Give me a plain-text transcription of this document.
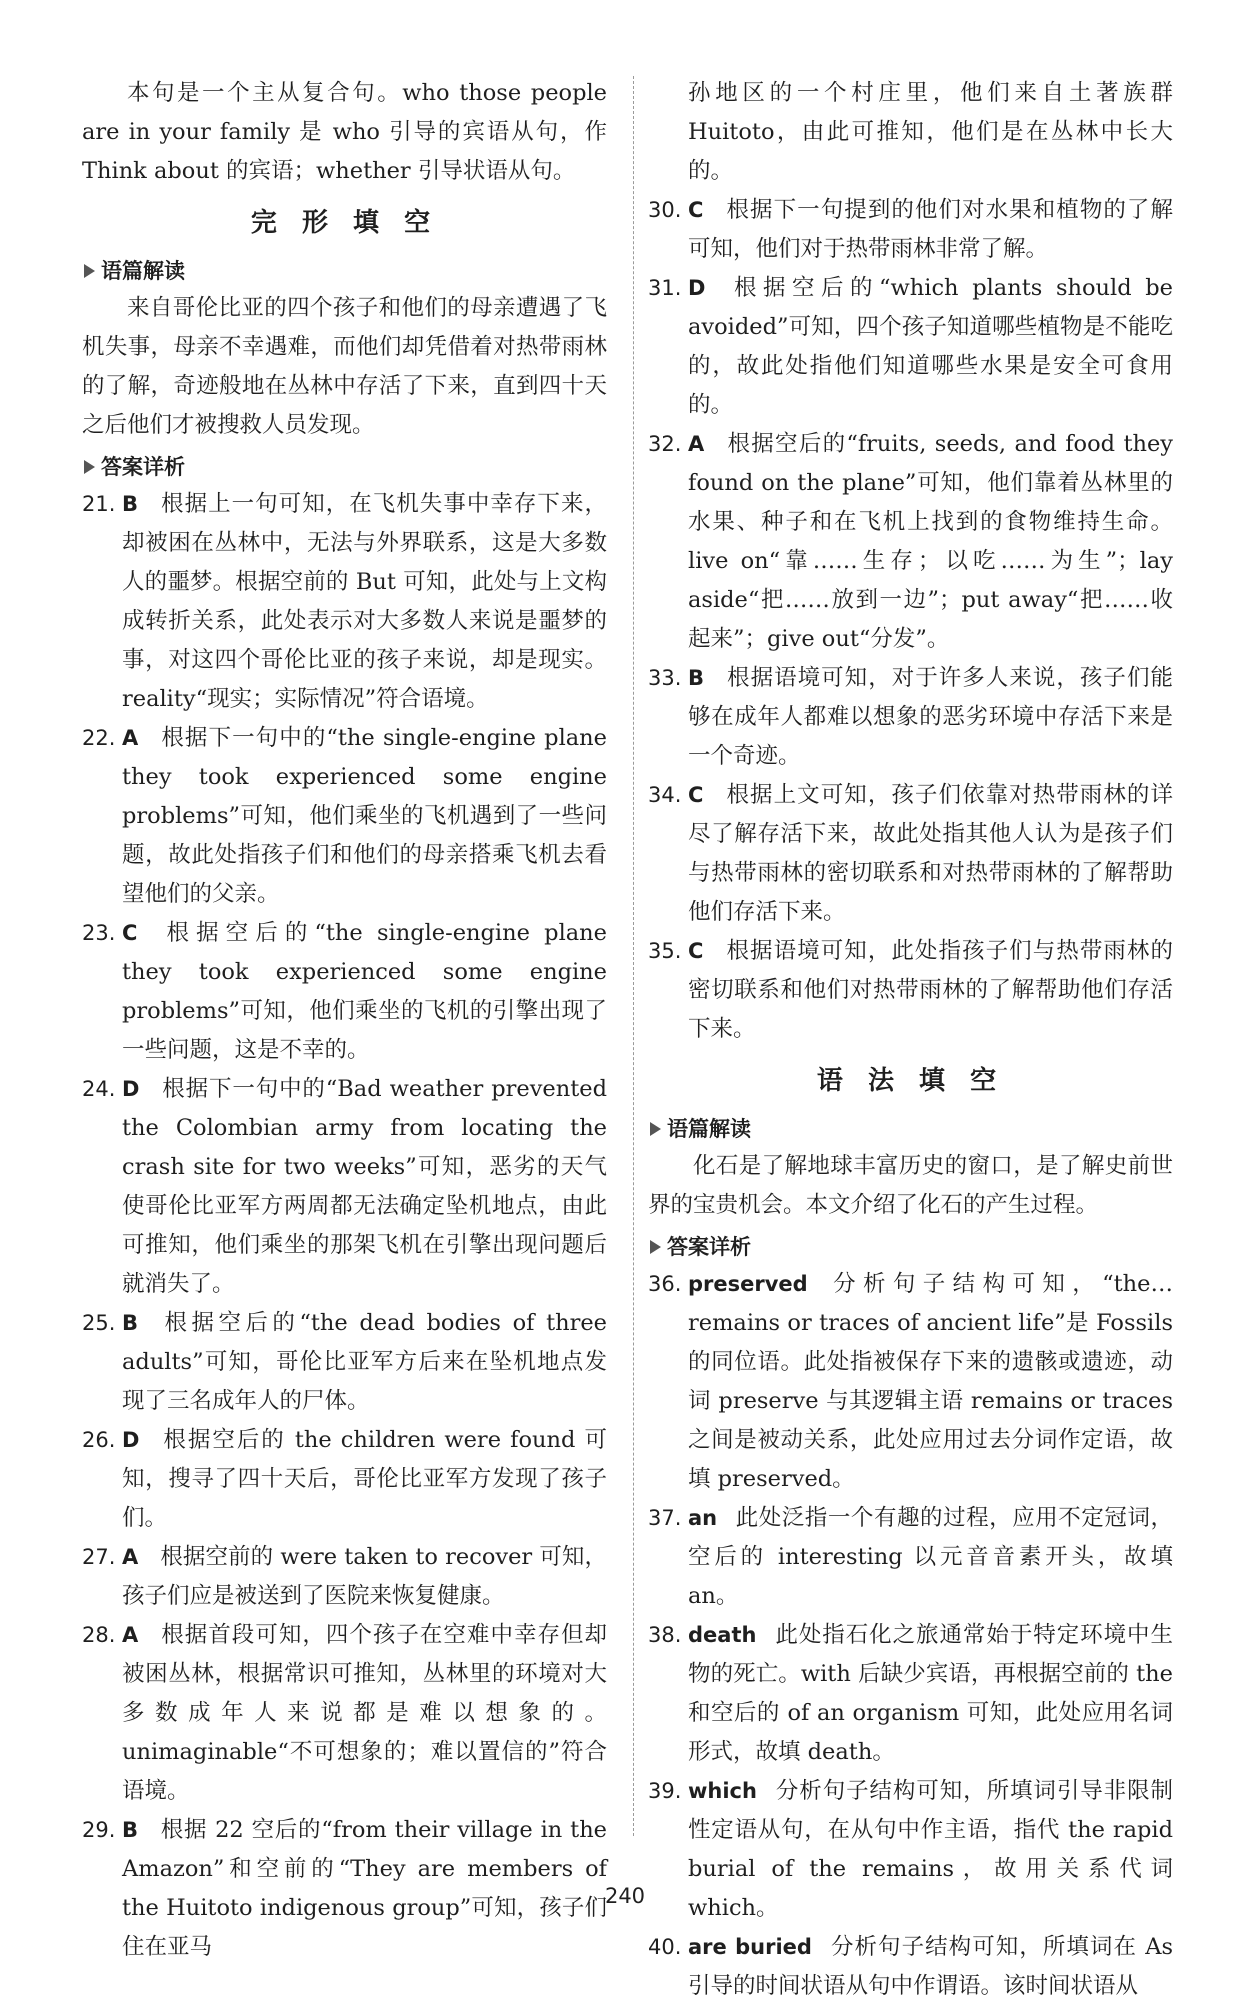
本句是一个主从复合句。who those people are in your family 是 who 引导的宾语从句，作 Think about 的宾语；whether 引导状语从句。

完 形 填 空
语篇解读

来自哥伦比亚的四个孩子和他们的母亲遭遇了飞机失事，母亲不幸遇难，而他们却凭借着对热带雨林的了解，奇迹般地在丛林中存活了下来，直到四十天之后他们才被搜救人员发现。

答案详析
21. B 根据上一句可知，在飞机失事中幸存下来，却被困在丛林中，无法与外界联系，这是大多数人的噩梦。根据空前的 But 可知，此处与上文构成转折关系，此处表示对大多数人来说是噩梦的事，对这四个哥伦比亚的孩子来说，却是现实。reality“现实；实际情况”符合语境。
22. A 根据下一句中的“the single-engine plane they took experienced some engine problems”可知，他们乘坐的飞机遇到了一些问题，故此处指孩子们和他们的母亲搭乘飞机去看望他们的父亲。
23. C 根据空后的“the single-engine plane they took experienced some engine problems”可知，他们乘坐的飞机的引擎出现了一些问题，这是不幸的。
24. D 根据下一句中的“Bad weather prevented the Colombian army from locating the crash site for two weeks”可知，恶劣的天气使哥伦比亚军方两周都无法确定坠机地点，由此可推知，他们乘坐的那架飞机在引擎出现问题后就消失了。
25. B 根据空后的“the dead bodies of three adults”可知，哥伦比亚军方后来在坠机地点发现了三名成年人的尸体。
26. D 根据空后的 the children were found 可知，搜寻了四十天后，哥伦比亚军方发现了孩子们。
27. A 根据空前的 were taken to recover 可知，孩子们应是被送到了医院来恢复健康。
28. A 根据首段可知，四个孩子在空难中幸存但却被困丛林，根据常识可推知，丛林里的环境对大多数成年人来说都是难以想象的。unimaginable“不可想象的；难以置信的”符合语境。
29. B 根据 22 空后的“from their village in the Amazon”和空前的“They are members of the Huitoto indigenous group”可知，孩子们住在亚马
孙地区的一个村庄里，他们来自土著族群 Huitoto，由此可推知，他们是在丛林中长大的。
30. C 根据下一句提到的他们对水果和植物的了解可知，他们对于热带雨林非常了解。
31. D 根据空后的“which plants should be avoided”可知，四个孩子知道哪些植物是不能吃的，故此处指他们知道哪些水果是安全可食用的。
32. A 根据空后的“fruits, seeds, and food they found on the plane”可知，他们靠着丛林里的水果、种子和在飞机上找到的食物维持生命。live on“靠……生存；以吃……为生”；lay aside“把……放到一边”；put away“把……收起来”；give out“分发”。
33. B 根据语境可知，对于许多人来说，孩子们能够在成年人都难以想象的恶劣环境中存活下来是一个奇迹。
34. C 根据上文可知，孩子们依靠对热带雨林的详尽了解存活下来，故此处指其他人认为是孩子们与热带雨林的密切联系和对热带雨林的了解帮助他们存活下来。
35. C 根据语境可知，此处指孩子们与热带雨林的密切联系和他们对热带雨林的了解帮助他们存活下来。
语 法 填 空
语篇解读

化石是了解地球丰富历史的窗口，是了解史前世界的宝贵机会。本文介绍了化石的产生过程。

答案详析
36. preserved 分析句子结构可知，“the…remains or traces of ancient life”是 Fossils 的同位语。此处指被保存下来的遗骸或遗迹，动词 preserve 与其逻辑主语 remains or traces 之间是被动关系，此处应用过去分词作定语，故填 preserved。
37. an 此处泛指一个有趣的过程，应用不定冠词，空后的 interesting 以元音音素开头，故填 an。
38. death 此处指石化之旅通常始于特定环境中生物的死亡。with 后缺少宾语，再根据空前的 the 和空后的 of an organism 可知，此处应用名词形式，故填 death。
39. which 分析句子结构可知，所填词引导非限制性定语从句，在从句中作主语，指代 the rapid burial of the remains，故用关系代词 which。
40. are buried 分析句子结构可知，所填词在 As 引导的时间状语从句中作谓语。该时间状语从
240
